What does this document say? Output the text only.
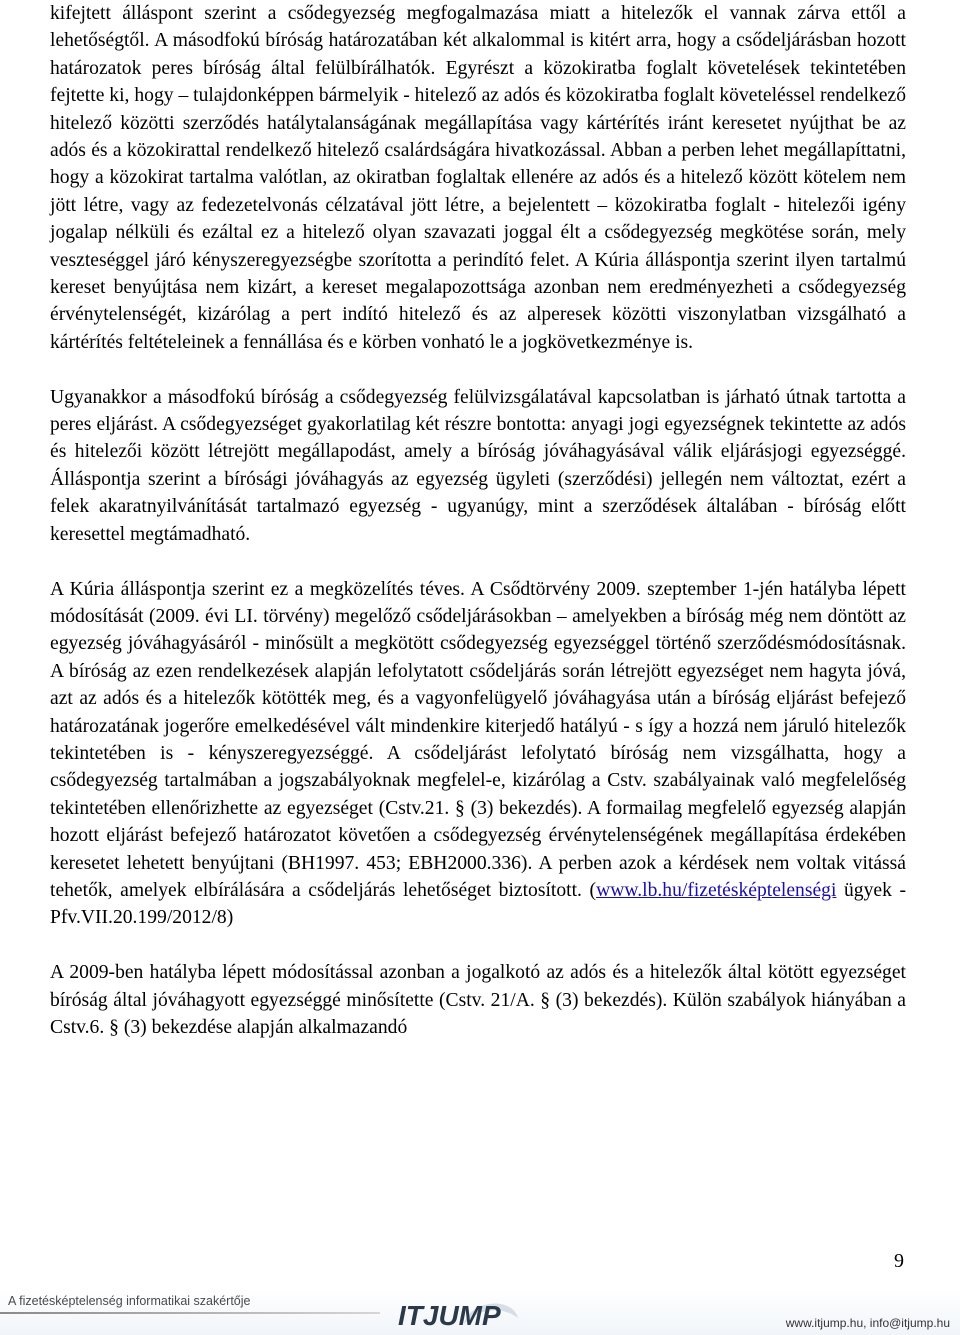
kifejtett álláspont szerint a csődegyezség megfogalmazása miatt a hitelezők el vannak zárva ettől a lehetőségtől. A másodfokú bíróság határozatában két alkalommal is kitért arra, hogy a csődeljárásban hozott határozatok peres bíróság által felülbírálhatók. Egyrészt a közokiratba foglalt követelések tekintetében fejtette ki, hogy – tulajdonképpen bármelyik - hitelező az adós és közokiratba foglalt követeléssel rendelkező hitelező közötti szerződés hatálytalanságának megállapítása vagy kártérítés iránt keresetet nyújthat be az adós és a közokirattal rendelkező hitelező csalárdságára hivatkozással. Abban a perben lehet megállapíttatni, hogy a közokirat tartalma valótlan, az okiratban foglaltak ellenére az adós és a hitelező között kötelem nem jött létre, vagy az fedezetelvonás célzatával jött létre, a bejelentett – közokiratba foglalt - hitelezői igény jogalap nélküli és ezáltal ez a hitelező olyan szavazati joggal élt a csődegyezség megkötése során, mely veszteséggel járó kényszeregyezségbe szorította a perindító felet. A Kúria álláspontja szerint ilyen tartalmú kereset benyújtása nem kizárt, a kereset megalapozottsága azonban nem eredményezheti a csődegyezség érvénytelenségét, kizárólag a pert indító hitelező és az alperesek közötti viszonylatban vizsgálható a kártérítés feltételeinek a fennállása és e körben vonható le a jogkövetkezménye is.

Ugyanakkor a másodfokú bíróság a csődegyezség felülvizsgálatával kapcsolatban is járható útnak tartotta a peres eljárást. A csődegyezséget gyakorlatilag két részre bontotta: anyagi jogi egyezségnek tekintette az adós és hitelezői között létrejött megállapodást, amely a bíróság jóváhagyásával válik eljárásjogi egyezséggé. Álláspontja szerint a bírósági jóváhagyás az egyezség ügyleti (szerződési) jellegén nem változtat, ezért a felek akaratnyilvánítását tartalmazó egyezség - ugyanúgy, mint a szerződések általában - bíróság előtt keresettel megtámadható.

A Kúria álláspontja szerint ez a megközelítés téves. A Csődtörvény 2009. szeptember 1-jén hatályba lépett módosítását (2009. évi LI. törvény) megelőző csődeljárásokban – amelyekben a bíróság még nem döntött az egyezség jóváhagyásáról - minősült a megkötött csődegyezség egyezséggel történő szerződésmódosításnak. A bíróság az ezen rendelkezések alapján lefolytatott csődeljárás során létrejött egyezséget nem hagyta jóvá, azt az adós és a hitelezők kötötték meg, és a vagyonfelügyelő jóváhagyása után a bíróság eljárást befejező határozatának jogerőre emelkedésével vált mindenkire kiterjedő hatályú - s így a hozzá nem járuló hitelezők tekintetében is - kényszeregyezséggé. A csődeljárást lefolytató bíróság nem vizsgálhatta, hogy a csődegyezség tartalmában a jogszabályoknak megfelel-e, kizárólag a Cstv. szabályainak való megfelelőség tekintetében ellenőrizhette az egyezséget (Cstv.21. § (3) bekezdés). A formailag megfelelő egyezség alapján hozott eljárást befejező határozatot követően a csődegyezség érvénytelenségének megállapítása érdekében keresetet lehetett benyújtani (BH1997. 453; EBH2000.336). A perben azok a kérdések nem voltak vitássá tehetők, amelyek elbírálására a csődeljárás lehetőséget biztosított. (www.lb.hu/fizetésképtelenségi ügyek - Pfv.VII.20.199/2012/8)

A 2009-ben hatályba lépett módosítással azonban a jogalkotó az adós és a hitelezők által kötött egyezséget bíróság által jóváhagyott egyezséggé minősítette (Cstv. 21/A. § (3) bekezdés). Külön szabályok hiányában a Cstv.6. § (3) bekezdése alapján alkalmazandó

9
A fizetésképtelenség informatikai szakértője	ITJUMP	www.itjump.hu, info@itjump.hu
